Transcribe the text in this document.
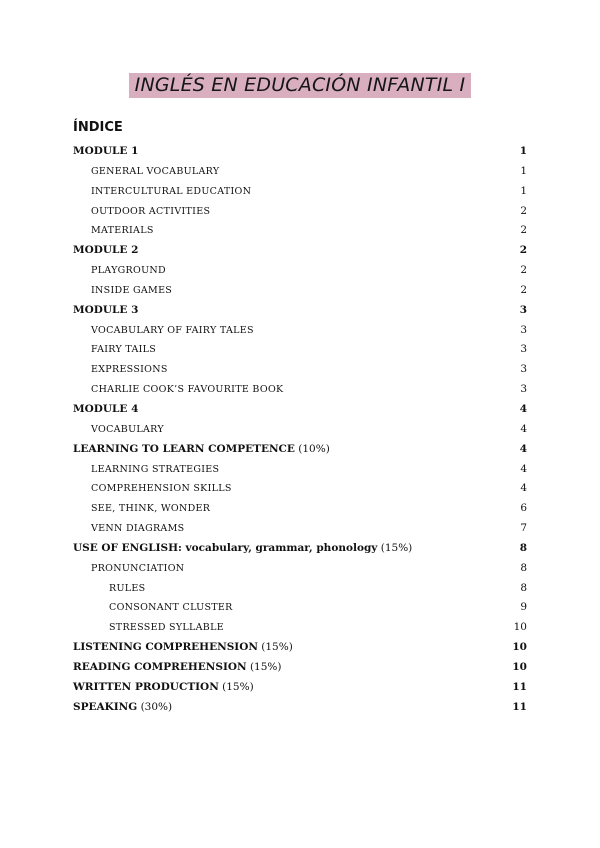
INGLÉS EN EDUCACIÓN INFANTIL I
ÍNDICE
MODULE 1	1
GENERAL VOCABULARY	1
INTERCULTURAL EDUCATION	1
OUTDOOR ACTIVITIES	2
MATERIALS	2
MODULE 2	2
PLAYGROUND	2
INSIDE GAMES	2
MODULE 3	3
VOCABULARY OF FAIRY TALES	3
FAIRY TAILS	3
EXPRESSIONS	3
CHARLIE COOK’S FAVOURITE BOOK	3
MODULE 4	4
VOCABULARY	4
LEARNING TO LEARN COMPETENCE (10%)	4
LEARNING STRATEGIES	4
COMPREHENSION SKILLS	4
SEE, THINK, WONDER	6
VENN DIAGRAMS	7
USE OF ENGLISH: vocabulary, grammar, phonology (15%)	8
PRONUNCIATION	8
RULES	8
CONSONANT CLUSTER	9
STRESSED SYLLABLE	10
LISTENING COMPREHENSION (15%)	10
READING COMPREHENSION (15%)	10
WRITTEN PRODUCTION (15%)	11
SPEAKING (30%)	11
